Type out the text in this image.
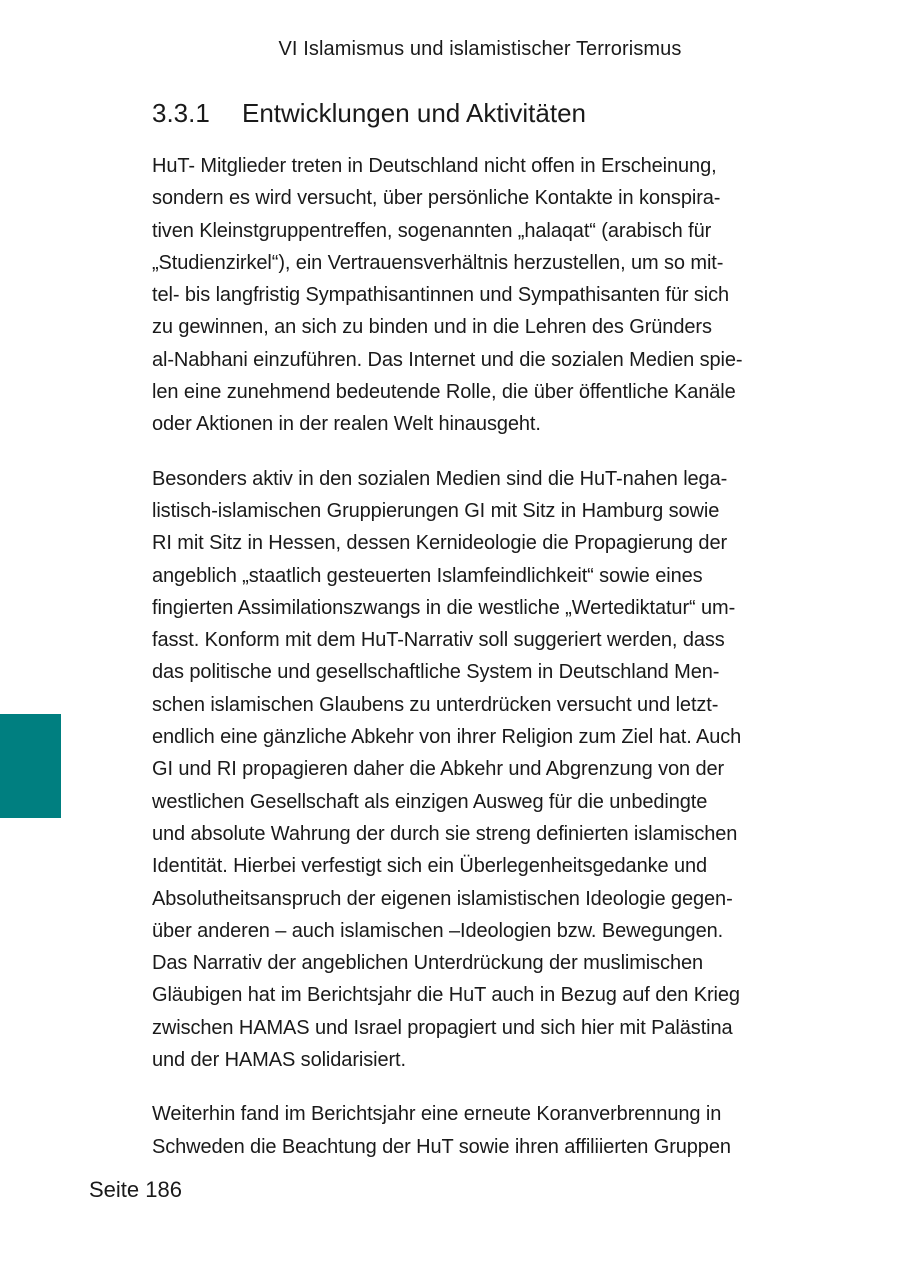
VI Islamismus und islamistischer Terrorismus
3.3.1 Entwicklungen und Aktivitäten

HuT- Mitglieder treten in Deutschland nicht offen in Erscheinung,
sondern es wird versucht, über persönliche Kontakte in konspira-
tiven Kleinstgruppentreffen, sogenannten „halaqat“ (arabisch für
„Studienzirkel“), ein Vertrauensverhältnis herzustellen, um so mit-
tel- bis langfristig Sympathisantinnen und Sympathisanten für sich
zu gewinnen, an sich zu binden und in die Lehren des Gründers
al-Nabhani einzuführen. Das Internet und die sozialen Medien spie-
len eine zunehmend bedeutende Rolle, die über öffentliche Kanäle
oder Aktionen in der realen Welt hinausgeht.

Besonders aktiv in den sozialen Medien sind die HuT-nahen lega-
listisch-islamischen Gruppierungen GI mit Sitz in Hamburg sowie
RI mit Sitz in Hessen, dessen Kernideologie die Propagierung der
angeblich „staatlich gesteuerten Islamfeindlichkeit“ sowie eines
fingierten Assimilationszwangs in die westliche „Wertediktatur“ um-
fasst. Konform mit dem HuT-Narrativ soll suggeriert werden, dass
das politische und gesellschaftliche System in Deutschland Men-
schen islamischen Glaubens zu unterdrücken versucht und letzt-
endlich eine gänzliche Abkehr von ihrer Religion zum Ziel hat. Auch
GI und RI propagieren daher die Abkehr und Abgrenzung von der
westlichen Gesellschaft als einzigen Ausweg für die unbedingte
und absolute Wahrung der durch sie streng definierten islamischen
Identität. Hierbei verfestigt sich ein Überlegenheitsgedanke und
Absolutheitsanspruch der eigenen islamistischen Ideologie gegen-
über anderen – auch islamischen –Ideologien bzw. Bewegungen.
Das Narrativ der angeblichen Unterdrückung der muslimischen
Gläubigen hat im Berichtsjahr die HuT auch in Bezug auf den Krieg
zwischen HAMAS und Israel propagiert und sich hier mit Palästina
und der HAMAS solidarisiert.

Weiterhin fand im Berichtsjahr eine erneute Koranverbrennung in
Schweden die Beachtung der HuT sowie ihren affiliierten Gruppen

Seite 186
